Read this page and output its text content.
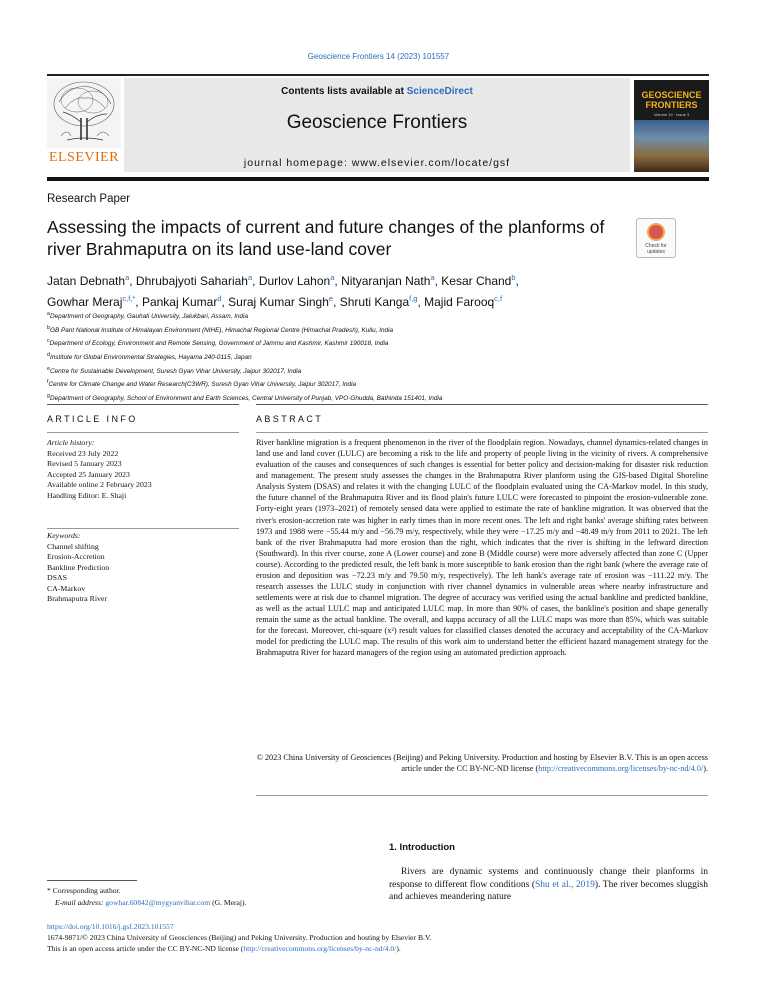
Geoscience Frontiers 14 (2023) 101557
Contents lists available at ScienceDirect
Geoscience Frontiers
journal homepage: www.elsevier.com/locate/gsf
ELSEVIER
GEOSCIENCE FRONTIERS
Volume 14 · Issue 3
Research Paper
Assessing the impacts of current and future changes of the planforms of river Brahmaputra on its land use-land cover	Check for updates
Jatan Debnath$^a$, Dhrubajyoti Sahariah$^a$, Durlov Lahon$^a$, Nityaranjan Nath$^a$, Kesar Chand$^b$,
Gowhar Meraj$^{c,f,*}$, Pankaj Kumar$^d$, Suraj Kumar Singh$^e$, Shruti Kanga$^{f,g}$, Majid Farooq$^{c,f}$
$^a$Department of Geography, Gauhati University, Jalukbari, Assam, India
$^b$GB Pant National Institute of Himalayan Environment (NIHE), Himachal Regional Centre (Himachal Pradesh), Kullu, India
$^c$Department of Ecology, Environment and Remote Sensing, Government of Jammu and Kashmir, Kashmir 190018, India
$^d$Institute for Global Environmental Strategies, Hayama 240-0115, Japan
$^e$Centre for Sustainable Development, Suresh Gyan Vihar University, Jaipur 302017, India
$^f$Centre for Climate Change and Water Research(C3WR), Suresh Gyan Vihar University, Jaipur 302017, India
$^g$Department of Geography, School of Environment and Earth Sciences, Central University of Punjab, VPO-Ghudda, Bathinda 151401, India
ARTICLE INFO	ABSTRACT
Article history:
Received 23 July 2022
Revised 5 January 2023
Accepted 25 January 2023
Available online 2 February 2023
Handling Editor: E. Shaji
Keywords:
Channel shifting
Erosion-Accretion
Bankline Prediction
DSAS
CA-Markov
Brahmaputra River
River bankline migration is a frequent phenomenon in the river of the floodplain region. Nowadays, channel dynamics-related changes in land use and land cover (LULC) are becoming a risk to the life and property of people living in the vicinity of rivers. A comprehensive evaluation of the causes and consequences of such changes is essential for better policy and decision-making for disaster risk reduction and management. The present study assesses the changes in the Brahmaputra River planform using the GIS-based Digital Shoreline Analysis System (DSAS) and relates it with the changing LULC of the floodplain evaluated using the CA-Markov model. In this study, the future channel of the Brahmaputra River and its flood plain's future LULC were forecasted to pinpoint the erosion-vulnerable zone. Forty-eight years (1973–2021) of remotely sensed data were applied to estimate the rate of bankline migration. It was observed that the river's erosion-accretion rate was higher in early times than in more recent ones. The left and right banks' average shifting rates between 1973 and 1988 were −55.44 m/y and −56.79 m/y, respectively, while they were −17.25 m/y and −48.49 m/y from 2011 to 2021. The left bank of the river Brahmaputra had more erosion than the right, which indicates that the river is shifting in the leftward direction (Southward). In this river course, zone A (Lower course) and zone B (Middle course) were more adversely affected than zone C (Upper course). According to the predicted result, the left bank is more susceptible to bank erosion than the right bank (where the average rate of erosion and deposition was −72.23 m/y and 79.50 m/y, respectively). The left bank's average rate of erosion was −111.22 m/y. The research assesses the LULC study in conjunction with river channel dynamics in vulnerable areas where nearby infrastructure and settlements were at risk due to channel migration. The degree of accuracy was verified using the actual bankline and predicted bankline, as well as the actual LULC map and anticipated LULC map. In more than 90% of cases, the bankline's position and shape generally remain the same as the actual bankline. The overall, and kappa accuracy of all the LULC maps was more than 85%, which was suitable for the forecast. Moreover, chi-square (x²) result values for classified classes denoted the accuracy and acceptability of the CA-Markov model for predicting the LULC map. The results of this work aim to understand better the efficient hazard management strategy for the Brahmaputra River for hazard managers of the region using an automated prediction approach.
© 2023 China University of Geosciences (Beijing) and Peking University. Production and hosting by Elsevier B.V. This is an open access article under the CC BY-NC-ND license (http://creativecommons.org/licenses/by-nc-nd/4.0/).
1. Introduction
Rivers are dynamic systems and continuously change their planforms in response to different flow conditions (Shu et al., 2019). The river becomes sluggish and achieves meandering nature
* Corresponding author.
E-mail address: gowhar.60842@mygyanvihar.com (G. Meraj).
https://doi.org/10.1016/j.gsf.2023.101557
1674-9871/© 2023 China University of Geosciences (Beijing) and Peking University. Production and hosting by Elsevier B.V.
This is an open access article under the CC BY-NC-ND license (http://creativecommons.org/licenses/by-nc-nd/4.0/).
